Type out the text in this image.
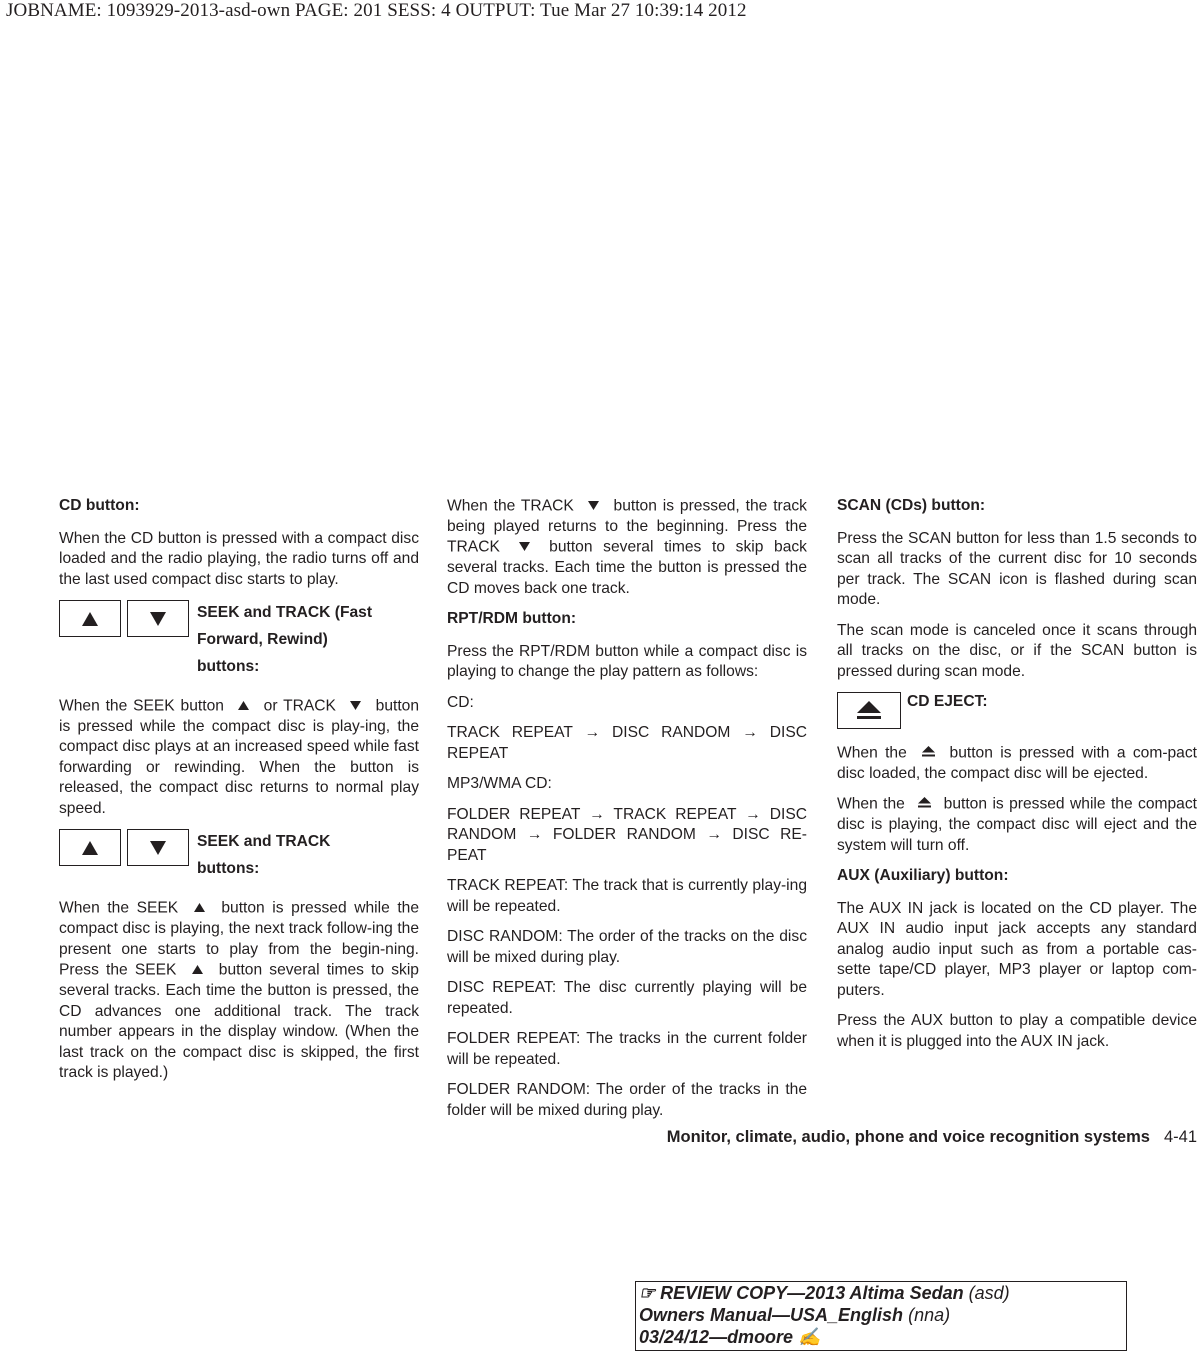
JOBNAME: 1093929-2013-asd-own PAGE: 201 SESS: 4 OUTPUT: Tue Mar 27 10:39:14 2012
CD button:

When the CD button is pressed with a compact disc loaded and the radio playing, the radio turns off and the last used compact disc starts to play.

SEEK and TRACK (Fast
Forward, Rewind)
buttons:

When the SEEK button	or TRACK	button is pressed while the compact disc is play-ing, the compact disc plays at an increased speed while fast forwarding or rewinding. When the button is released, the compact disc returns to normal play speed.

SEEK and TRACK
buttons:

When the SEEK	button is pressed while the compact disc is playing, the next track follow-ing the present one starts to play from the begin-ning. Press the SEEK	button several times to skip several tracks. Each time the button is pressed, the CD advances one additional track. The track number appears in the display window. (When the last track on the compact disc is skipped, the first track is played.)

When the TRACK	button is pressed, the track being played returns to the beginning. Press the TRACK	button several times to skip back several tracks. Each time the button is pressed the CD moves back one track.

RPT/RDM button:

Press the RPT/RDM button while a compact disc is playing to change the play pattern as follows:

CD:

TRACK REPEAT → DISC RANDOM → DISC REPEAT

MP3/WMA CD:

FOLDER REPEAT → TRACK REPEAT → DISC RANDOM → FOLDER RANDOM → DISC RE-PEAT

TRACK REPEAT: The track that is currently play-ing will be repeated.

DISC RANDOM: The order of the tracks on the disc will be mixed during play.

DISC REPEAT: The disc currently playing will be repeated.

FOLDER REPEAT: The tracks in the current folder will be repeated.

FOLDER RANDOM: The order of the tracks in the folder will be mixed during play.

SCAN (CDs) button:

Press the SCAN button for less than 1.5 seconds to scan all tracks of the current disc for 10 seconds per track. The SCAN icon is flashed during scan mode.

The scan mode is canceled once it scans through all tracks on the disc, or if the SCAN button is pressed during scan mode.

CD EJECT:

When the	button is pressed with a com-pact disc loaded, the compact disc will be ejected.

When the button is pressed while the compact disc is playing, the compact disc will eject and the system will turn off.

AUX (Auxiliary) button:

The AUX IN jack is located on the CD player. The AUX IN audio input jack accepts any standard analog audio input such as from a portable cas-sette tape/CD player, MP3 player or laptop com-puters.

Press the AUX button to play a compatible device when it is plugged into the AUX IN jack.

Monitor, climate, audio, phone and voice recognition systems 4-41
☞ REVIEW COPY—2013 Altima Sedan (asd)
Owners Manual—USA_English (nna)
03/24/12—dmoore ✍
